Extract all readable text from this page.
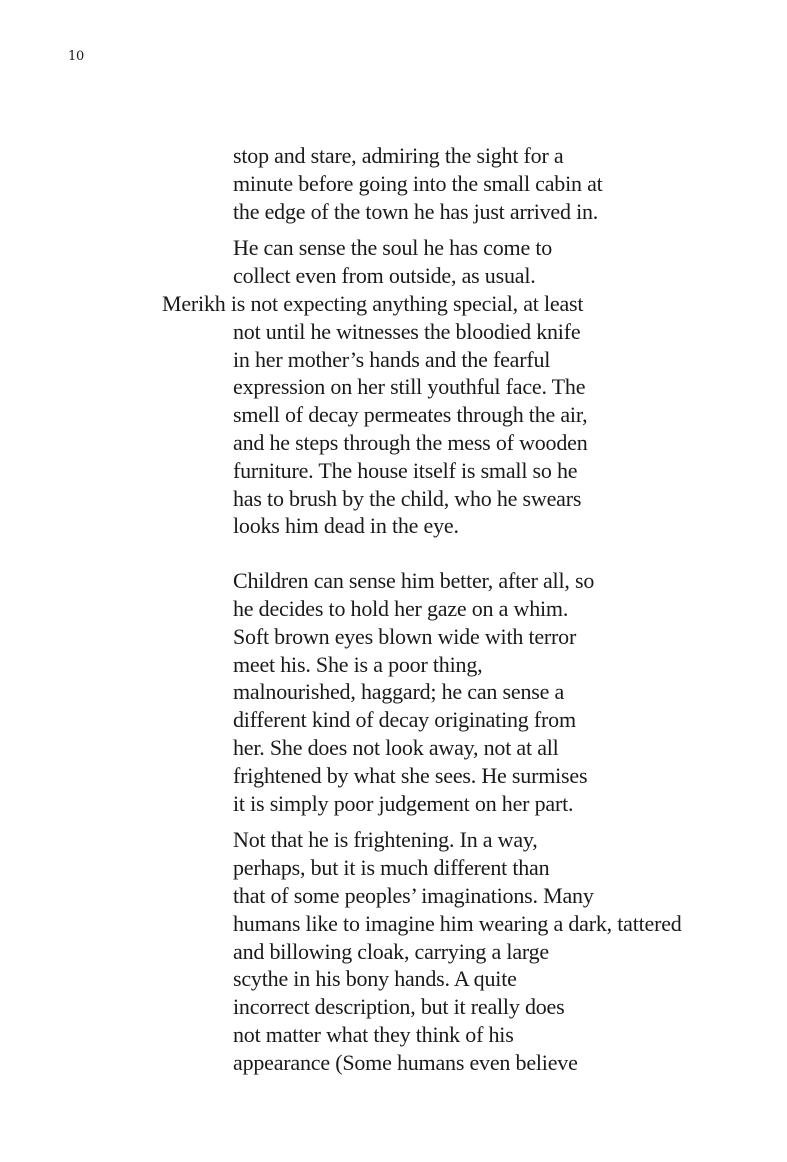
10
stop and stare, admiring the sight for a
minute before going into the small cabin at
the edge of the town he has just arrived in.
He can sense the soul he has come to
collect even from outside, as usual.
Merikh is not expecting anything special, at least
not until he witnesses the bloodied knife
in her mother’s hands and the fearful
expression on her still youthful face. The
smell of decay permeates through the air,
and he steps through the mess of wooden
furniture. The house itself is small so he
has to brush by the child, who he swears
looks him dead in the eye.
Children can sense him better, after all, so
he decides to hold her gaze on a whim.
Soft brown eyes blown wide with terror
meet his. She is a poor thing,
malnourished, haggard; he can sense a
different kind of decay originating from
her. She does not look away, not at all
frightened by what she sees. He surmises
it is simply poor judgement on her part.
Not that he is frightening. In a way,
perhaps, but it is much different than
that of some peoples’ imaginations. Many
humans like to imagine him wearing a dark, tattered
and billowing cloak, carrying a large
scythe in his bony hands. A quite
incorrect description, but it really does
not matter what they think of his
appearance (Some humans even believe
